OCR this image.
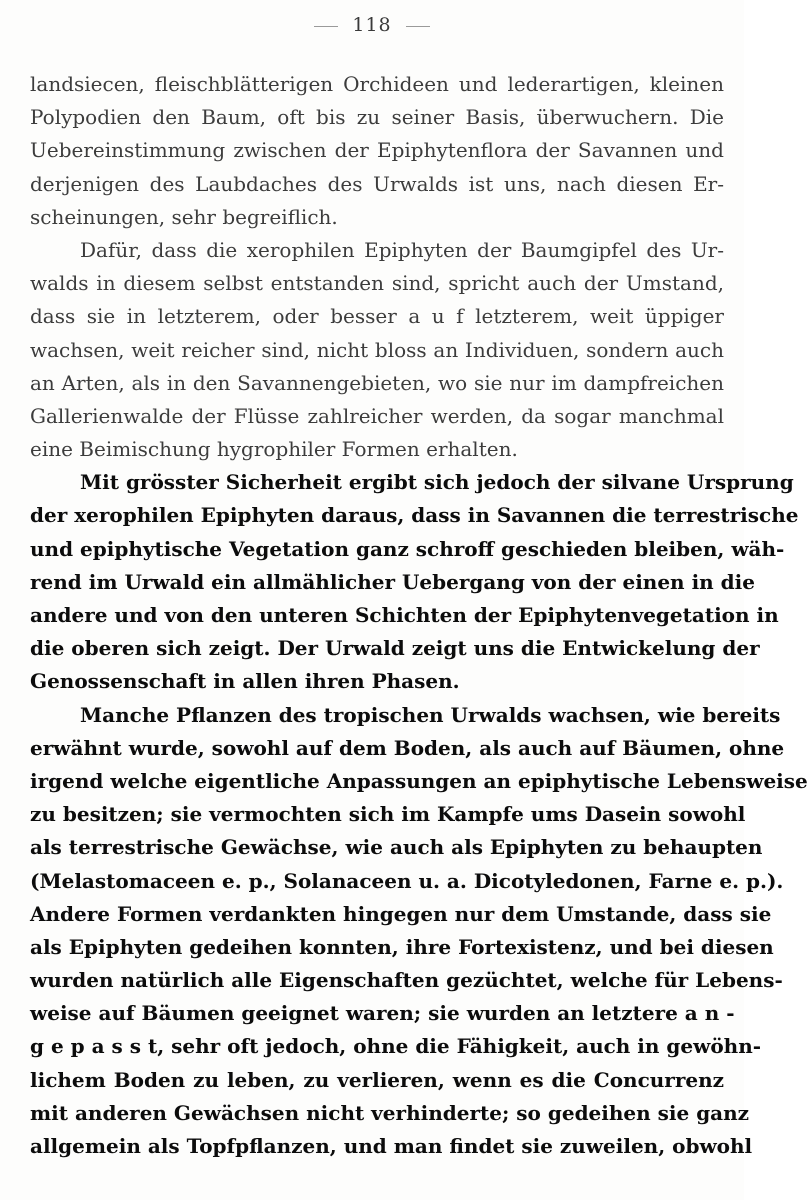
118
landsiecen, fleischblätterigen Orchideen und lederartigen, kleinen
Polypodien den Baum, oft bis zu seiner Basis, überwuchern. Die
Uebereinstimmung zwischen der Epiphytenflora der Savannen und
derjenigen des Laubdaches des Urwalds ist uns, nach diesen Er-
scheinungen, sehr begreiflich.
Dafür, dass die xerophilen Epiphyten der Baumgipfel des Ur-
walds in diesem selbst entstanden sind, spricht auch der Umstand,
dass sie in letzterem, oder besser a u f letzterem, weit üppiger
wachsen, weit reicher sind, nicht bloss an Individuen, sondern auch
an Arten, als in den Savannengebieten, wo sie nur im dampfreichen
Gallerienwalde der Flüsse zahlreicher werden, da sogar manchmal
eine Beimischung hygrophiler Formen erhalten.
Mit grösster Sicherheit ergibt sich jedoch der silvane Ursprung
der xerophilen Epiphyten daraus, dass in Savannen die terrestrische
und epiphytische Vegetation ganz schroff geschieden bleiben, wäh-
rend im Urwald ein allmählicher Uebergang von der einen in die
andere und von den unteren Schichten der Epiphytenvegetation in
die oberen sich zeigt. Der Urwald zeigt uns die Entwickelung der
Genossenschaft in allen ihren Phasen.
Manche Pflanzen des tropischen Urwalds wachsen, wie bereits
erwähnt wurde, sowohl auf dem Boden, als auch auf Bäumen, ohne
irgend welche eigentliche Anpassungen an epiphytische Lebensweise
zu besitzen; sie vermochten sich im Kampfe ums Dasein sowohl
als terrestrische Gewächse, wie auch als Epiphyten zu behaupten
(Melastomaceen e. p., Solanaceen u. a. Dicotyledonen, Farne e. p.).
Andere Formen verdankten hingegen nur dem Umstande, dass sie
als Epiphyten gedeihen konnten, ihre Fortexistenz, und bei diesen
wurden natürlich alle Eigenschaften gezüchtet, welche für Lebens-
weise auf Bäumen geeignet waren; sie wurden an letztere a n -
g e p a s s t, sehr oft jedoch, ohne die Fähigkeit, auch in gewöhn-
lichem Boden zu leben, zu verlieren, wenn es die Concurrenz
mit anderen Gewächsen nicht verhinderte; so gedeihen sie ganz
allgemein als Topfpflanzen, und man findet sie zuweilen, obwohl
